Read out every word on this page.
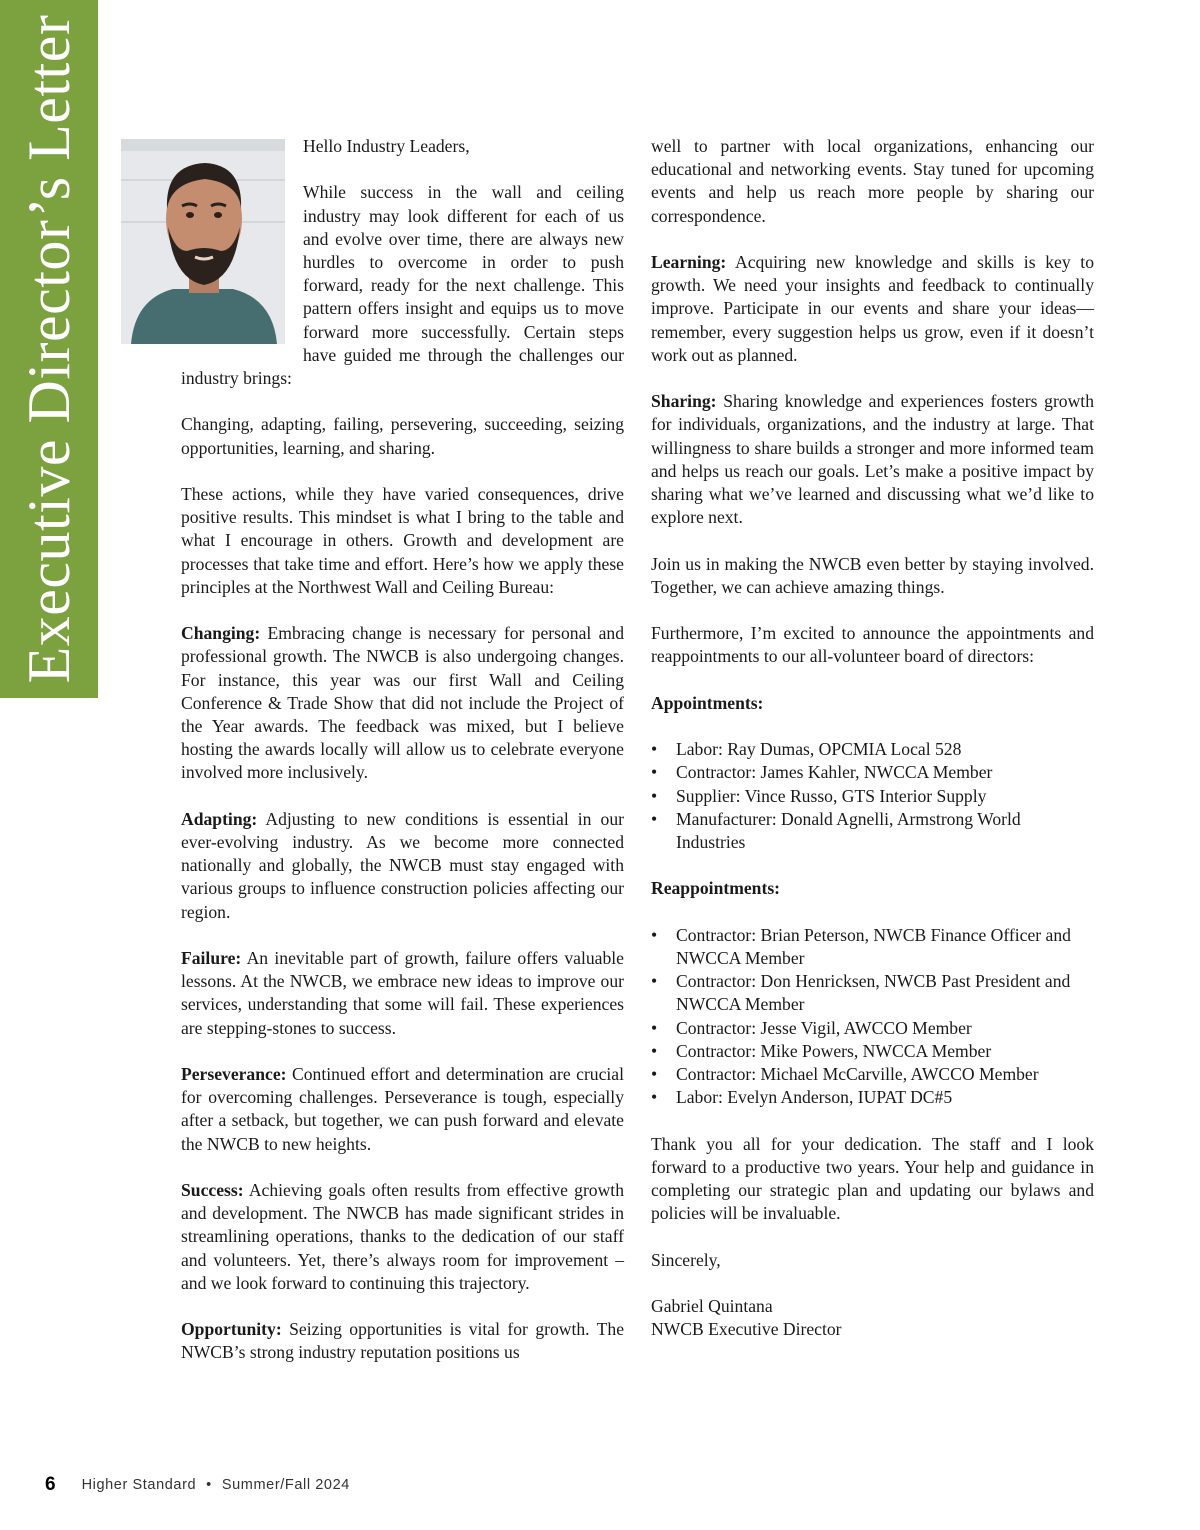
Executive Director’s Letter	Hello Industry Leaders,

While success in the wall and ceiling industry may look different for each of us and evolve over time, there are always new hurdles to overcome in order to push forward, ready for the next challenge. This pattern offers insight and equips us to move forward more successfully. Certain steps have guided me through the challenges our industry brings:

Changing, adapting, failing, persevering, succeeding, seizing opportunities, learning, and sharing.

These actions, while they have varied consequences, drive positive results. This mindset is what I bring to the table and what I encourage in others. Growth and development are processes that take time and effort. Here’s how we apply these principles at the Northwest Wall and Ceiling Bureau:

Changing: Embracing change is necessary for personal and professional growth. The NWCB is also undergoing changes. For instance, this year was our first Wall and Ceiling Conference & Trade Show that did not include the Project of the Year awards. The feedback was mixed, but I believe hosting the awards locally will allow us to celebrate everyone involved more inclusively.

Adapting: Adjusting to new conditions is essential in our ever-evolving industry. As we become more connected nationally and globally, the NWCB must stay engaged with various groups to influence construction policies affecting our region.

Failure: An inevitable part of growth, failure offers valuable lessons. At the NWCB, we embrace new ideas to improve our services, understanding that some will fail. These experiences are stepping-stones to success.

Perseverance: Continued effort and determination are crucial for overcoming challenges. Perseverance is tough, especially after a setback, but together, we can push forward and elevate the NWCB to new heights.

Success: Achieving goals often results from effective growth and development. The NWCB has made significant strides in streamlining operations, thanks to the dedication of our staff and volunteers. Yet, there’s always room for improvement – and we look forward to continuing this trajectory.

Opportunity: Seizing opportunities is vital for growth. The NWCB’s strong industry reputation positions us

well to partner with local organizations, enhancing our educational and networking events. Stay tuned for upcoming events and help us reach more people by sharing our correspondence.

Learning: Acquiring new knowledge and skills is key to growth. We need your insights and feedback to continually improve. Participate in our events and share your ideas—remember, every suggestion helps us grow, even if it doesn’t work out as planned.

Sharing: Sharing knowledge and experiences fosters growth for individuals, organizations, and the industry at large. That willingness to share builds a stronger and more informed team and helps us reach our goals. Let’s make a positive impact by sharing what we’ve learned and discussing what we’d like to explore next.

Join us in making the NWCB even better by staying involved. Together, we can achieve amazing things.

Furthermore, I’m excited to announce the appointments and reappointments to our all-volunteer board of directors:

Appointments:

• Labor: Ray Dumas, OPCMIA Local 528
• Contractor: James Kahler, NWCCA Member
• Supplier: Vince Russo, GTS Interior Supply
• Manufacturer: Donald Agnelli, Armstrong World Industries

Reappointments:

• Contractor: Brian Peterson, NWCB Finance Officer and NWCCA Member
• Contractor: Don Henricksen, NWCB Past President and NWCCA Member
• Contractor: Jesse Vigil, AWCCO Member
• Contractor: Mike Powers, NWCCA Member
• Contractor: Michael McCarville, AWCCO Member
• Labor: Evelyn Anderson, IUPAT DC#5

Thank you all for your dedication. The staff and I look forward to a productive two years. Your help and guidance in completing our strategic plan and updating our bylaws and policies will be invaluable.

Sincerely,

Gabriel Quintana

NWCB Executive Director

6 Higher Standard • Summer/Fall 2024
